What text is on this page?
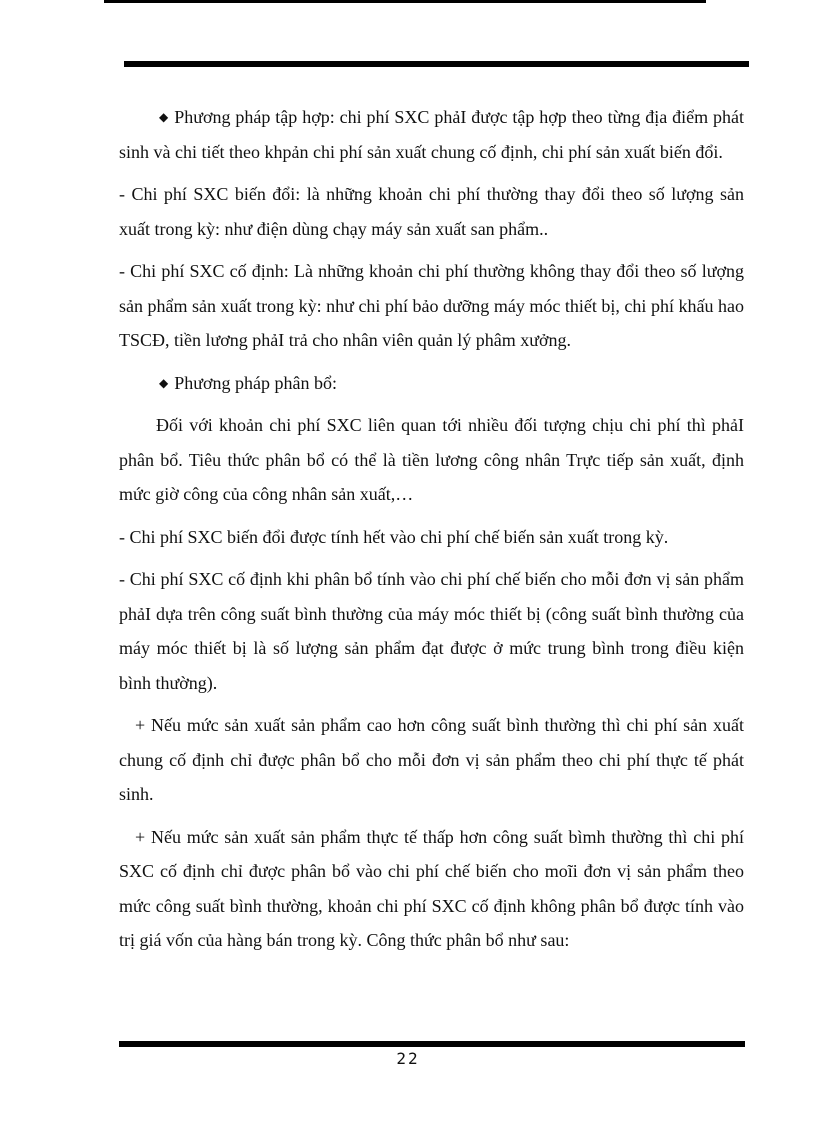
◆ Phương pháp tập hợp: chi phí SXC phảI được tập hợp theo từng địa điểm phát sinh và chi tiết theo khpản chi phí sản xuất chung cố định, chi phí sản xuất biến đổi.

- Chi phí SXC biến đổi: là những khoản chi phí thường thay đổi theo số lượng sản xuất trong kỳ: như điện dùng chạy máy sản xuất san phẩm..

- Chi phí SXC cố định: Là những khoản chi phí thường không thay đổi theo số lượng sản phẩm sản xuất trong kỳ: như chi phí bảo dưỡng máy móc thiết bị, chi phí khấu hao TSCĐ, tiền lương phảI trả cho nhân viên quản lý phâm xưởng.

◆ Phương pháp phân bổ:

Đối với khoản chi phí SXC liên quan tới nhiều đối tượng chịu chi phí thì phảI phân bổ. Tiêu thức phân bổ có thể là tiền lương công nhân Trực tiếp sản xuất, định mức giờ công của công nhân sản xuất,…

- Chi phí SXC biến đổi được tính hết vào chi phí chế biến sản xuất trong kỳ.

- Chi phí SXC cố định khi phân bổ tính vào chi phí chế biến cho mỗi đơn vị sản phẩm phảI dựa trên công suất bình thường của máy móc thiết bị (công suất bình thường của máy móc thiết bị là số lượng sản phẩm đạt được ở mức trung bình trong điều kiện bình thường).

+ Nếu mức sản xuất sản phẩm cao hơn công suất bình thường thì chi phí sản xuất chung cố định chỉ được phân bổ cho mỗi đơn vị sản phẩm theo chi phí thực tế phát sinh.

+ Nếu mức sản xuất sản phẩm thực tế thấp hơn công suất bìmh thường thì chi phí SXC cố định chỉ được phân bổ vào chi phí chế biến cho moĩi đơn vị sản phẩm theo mức công suất bình thường, khoản chi phí SXC cố định không phân bổ được tính vào trị giá vốn của hàng bán trong kỳ. Công thức phân bổ như sau:

22
